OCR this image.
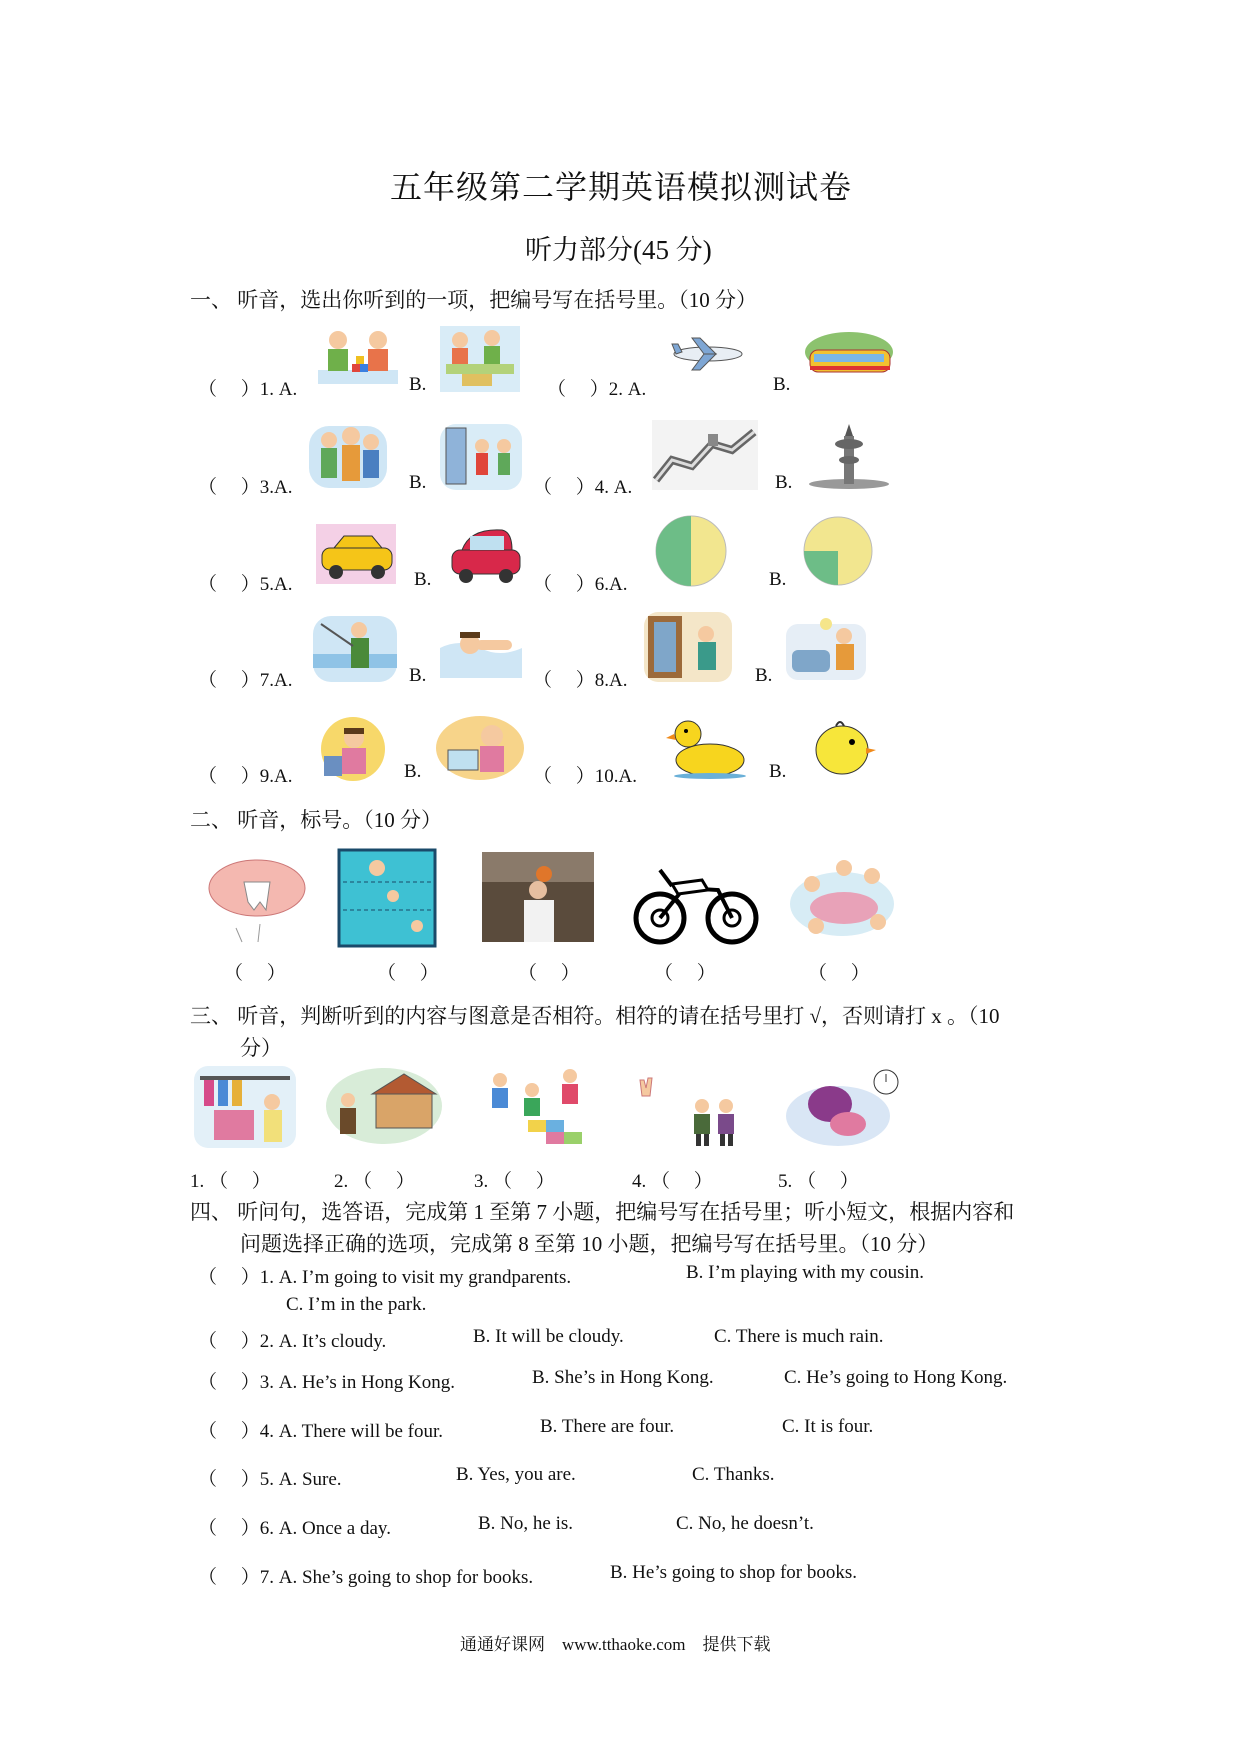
五年级第二学期英语模拟测试卷
听力部分(45 分)
一、 听音，选出你听到的一项，把编号写在括号里。（10 分）
（　 ）1. A.	B.	（　 ）2. A.	B.
（　 ）3.A.	B.	（　 ）4. A.	B.
（　 ）5.A.	B.	（　 ）6.A.	B.
（　 ）7.A.	B.	（　 ）8.A.	B.
（　 ）9.A.	B.	（　 ）10.A.	B.
二、 听音，标号。（10 分）
（　 ）	（　 ）	（　 ）	（　 ）	（　 ）
三、 听音，判断听到的内容与图意是否相符。相符的请在括号里打 √，否则请打 x 。（10
分）
1. （　 ）	2. （　 ）	3. （　 ）	4. （　 ）	5. （　 ）
四、 听问句，选答语，完成第 1 至第 7 小题，把编号写在括号里；听小短文，根据内容和
问题选择正确的选项，完成第 8 至第 10 小题，把编号写在括号里。（10 分）
（　 ）1. A. I’m going to visit my grandparents.	B. I’m playing with my cousin.
C. I’m in the park.
（　 ）2. A. It’s cloudy.	B. It will be cloudy.	C. There is much rain.
（　 ）3. A. He’s in Hong Kong.	B. She’s in Hong Kong.	C. He’s going to Hong Kong.
（　 ）4. A. There will be four.	B. There are four.	C. It is four.
（　 ）5. A. Sure.	B. Yes, you are.	C. Thanks.
（　 ）6. A. Once a day.	B. No, he is.	C. No, he doesn’t.
（　 ）7. A. She’s going to shop for books.	B. He’s going to shop for books.
通通好课网　www.tthaoke.com　提供下载
